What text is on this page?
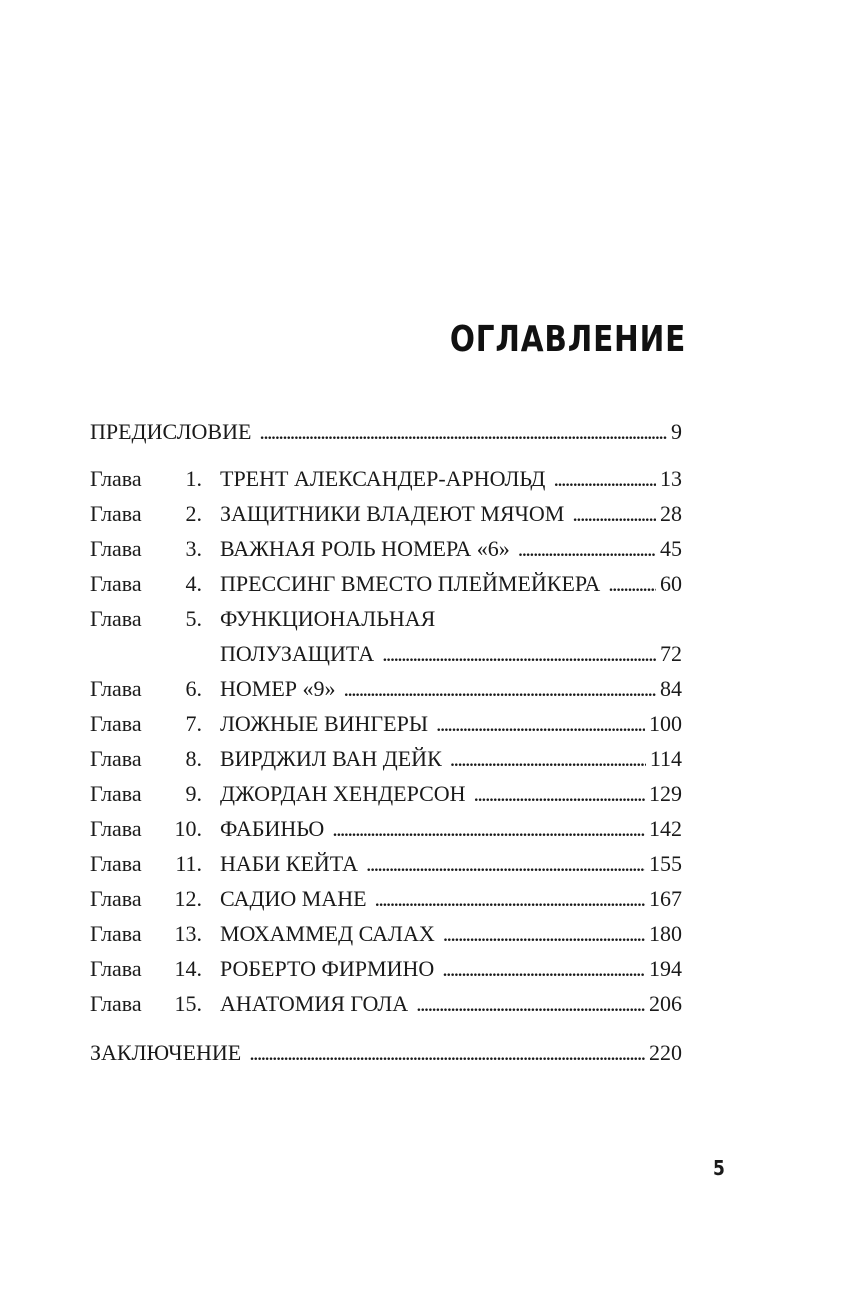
ОГЛАВЛЕНИЕ
ПРЕДИСЛОВИЕ . . .	9
Глава	1. ТРЕНТ АЛЕКСАНДЕР-АРНОЛЬД . . .	13
Глава	2. ЗАЩИТНИКИ ВЛАДЕЮТ МЯЧОМ . . .	28
Глава	3. ВАЖНАЯ РОЛЬ НОМЕРА «6» . . .	45
Глава	4. ПРЕССИНГ ВМЕСТО ПЛЕЙМЕЙКЕРА . . .	60
Глава	5. ФУНКЦИОНАЛЬНАЯ
ПОЛУЗАЩИТА . . .	72
Глава	6. НОМЕР «9» . . .	84
Глава	7. ЛОЖНЫЕ ВИНГЕРЫ . . .	100
Глава	8. ВИРДЖИЛ ВАН ДЕЙК . . .	114
Глава	9. ДЖОРДАН ХЕНДЕРСОН . . .	129
Глава	10. ФАБИНЬО . . .	142
Глава	11. НАБИ КЕЙТА . . .	155
Глава	12. САДИО МАНЕ . . .	167
Глава	13. МОХАММЕД САЛАХ . . .	180
Глава	14. РОБЕРТО ФИРМИНО . . .	194
Глава	15. АНАТОМИЯ ГОЛА . . .	206
ЗАКЛЮЧЕНИЕ . . .	220
5
